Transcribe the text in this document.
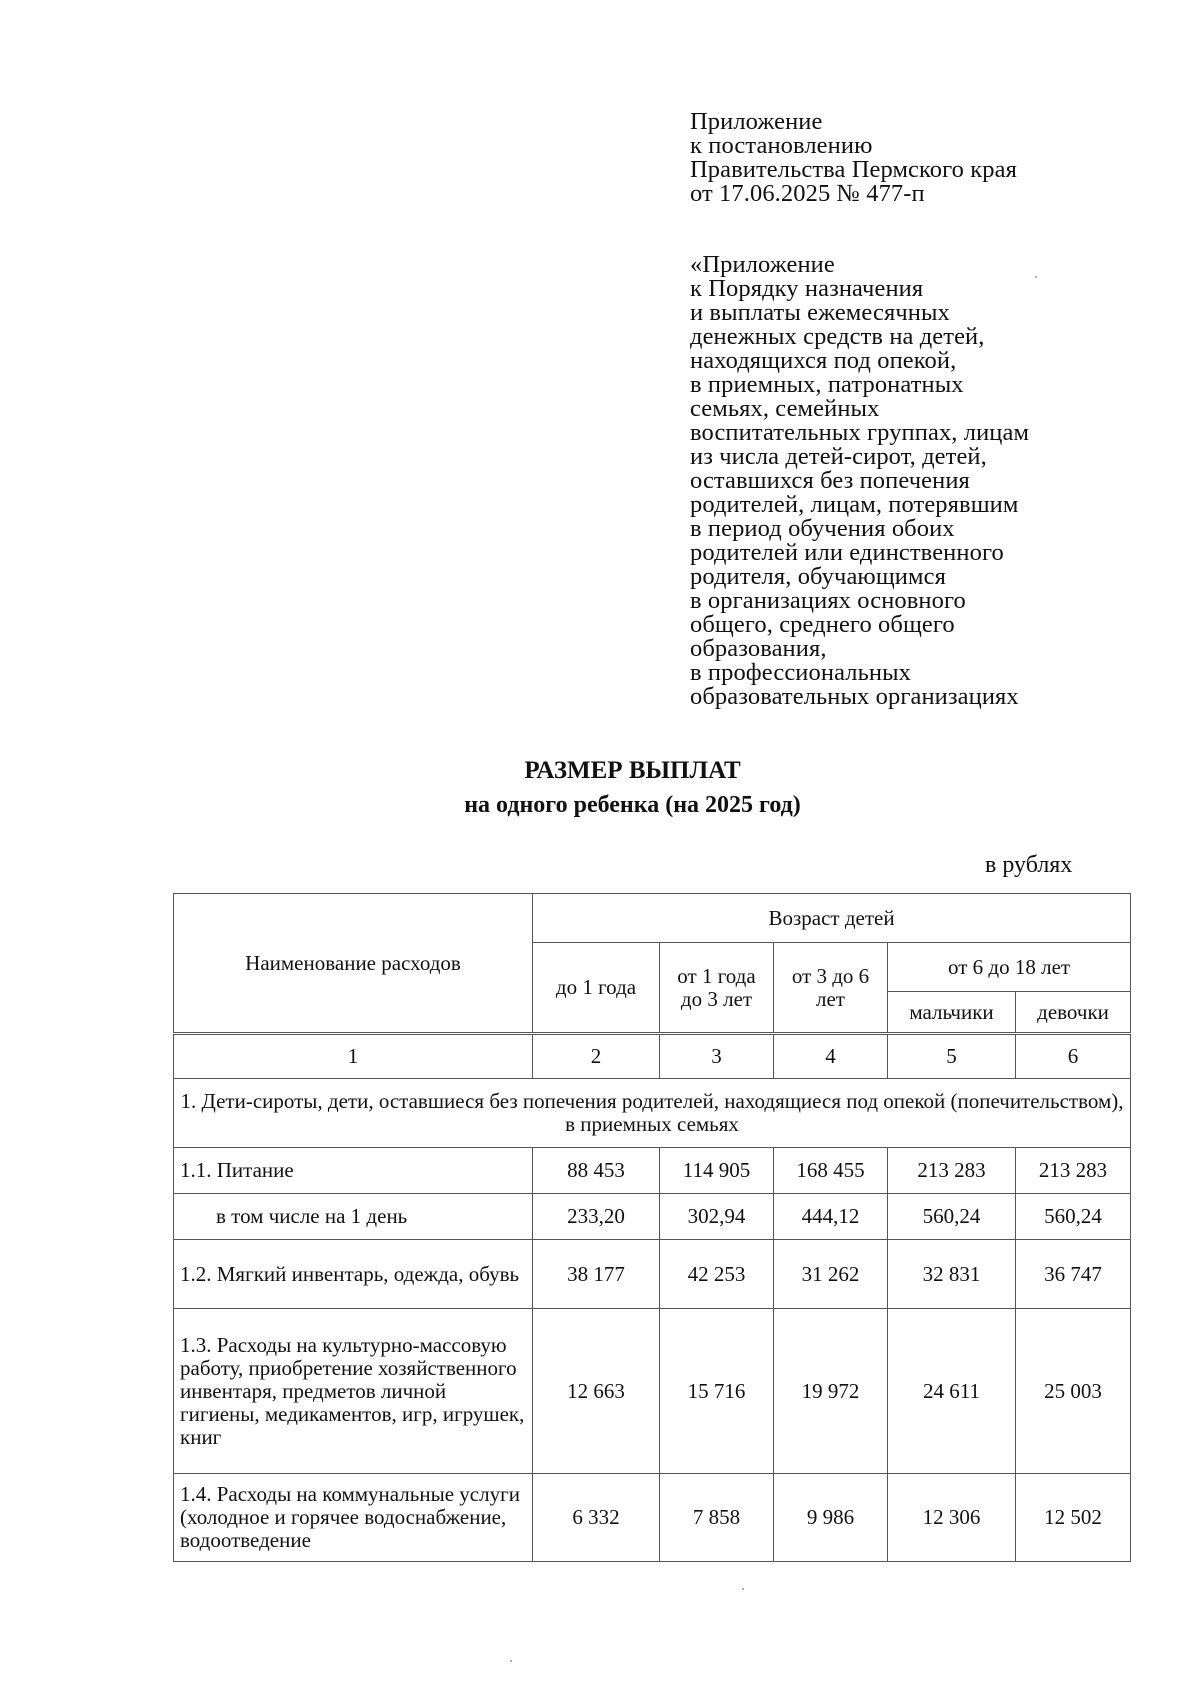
Приложение
к постановлению
Правительства Пермского края
от 17.06.2025 № 477-п
«Приложение
к Порядку назначения
и выплаты ежемесячных
денежных средств на детей,
находящихся под опекой,
в приемных, патронатных
семьях, семейных
воспитательных группах, лицам
из числа детей-сирот, детей,
оставшихся без попечения
родителей, лицам, потерявшим
в период обучения обоих
родителей или единственного
родителя, обучающимся
в организациях основного
общего, среднего общего
образования,
в профессиональных
образовательных организациях
РАЗМЕР ВЫПЛАТ
на одного ребенка (на 2025 год)
в рублях
Наименование расходов	Возраст детей				
	до 1 года	от 1 года до 3 лет	от 3 до 6 лет	от 6 до 18 лет	
				мальчики	девочки
1	2	3	4	5	6
1. Дети-сироты, дети, оставшиеся без попечения родителей, находящиеся под опекой (попечительством), в приемных семьях					
1.1. Питание	88 453	114 905	168 455	213 283	213 283
в том числе на 1 день	233,20	302,94	444,12	560,24	560,24
1.2. Мягкий инвентарь, одежда, обувь	38 177	42 253	31 262	32 831	36 747
1.3. Расходы на культурно-массовую работу, приобретение хозяйственного инвентаря, предметов личной гигиены, медикаментов, игр, игрушек, книг	12 663	15 716	19 972	24 611	25 003
1.4. Расходы на коммунальные услуги (холодное и горячее водоснабжение, водоотведение	6 332	7 858	9 986	12 306	12 502
